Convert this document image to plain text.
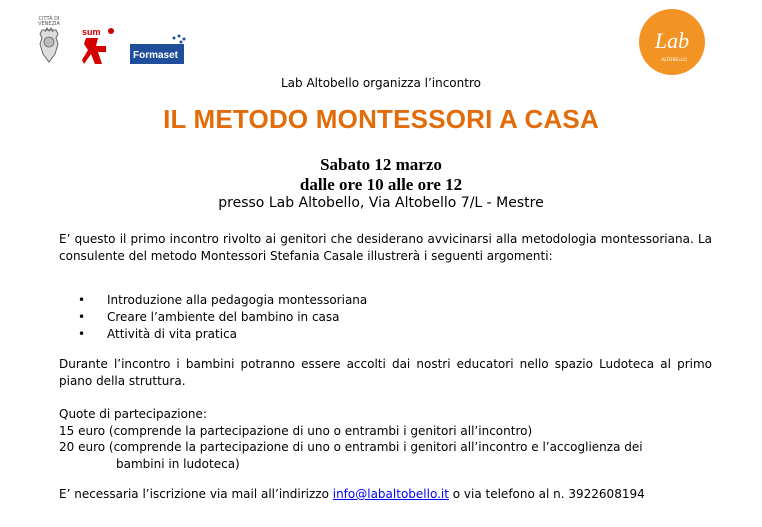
CITTÀ DI
VENEZIA
sum
Formaset
Lab
ALTOBELLO
Lab Altobello organizza l’incontro
IL METODO MONTESSORI A CASA
Sabato 12 marzo
dalle ore 10 alle ore 12
presso Lab Altobello, Via Altobello 7/L - Mestre

E’ questo il primo incontro rivolto ai genitori che desiderano avvicinarsi alla metodologia montessoriana. La consulente del metodo Montessori Stefania Casale illustrerà i seguenti argomenti:

• Introduzione alla pedagogia montessoriana
• Creare l’ambiente del bambino in casa
• Attività di vita pratica

Durante l’incontro i bambini potranno essere accolti dai nostri educatori nello spazio Ludoteca al primo piano della struttura.

Quote di partecipazione:
15 euro (comprende la partecipazione di uno o entrambi i genitori all’incontro)
20 euro (comprende la partecipazione di uno o entrambi i genitori all’incontro e l’accoglienza dei
bambini in ludoteca)

E’ necessaria l’iscrizione via mail all’indirizzo info@labaltobello.it o via telefono al n. 3922608194
